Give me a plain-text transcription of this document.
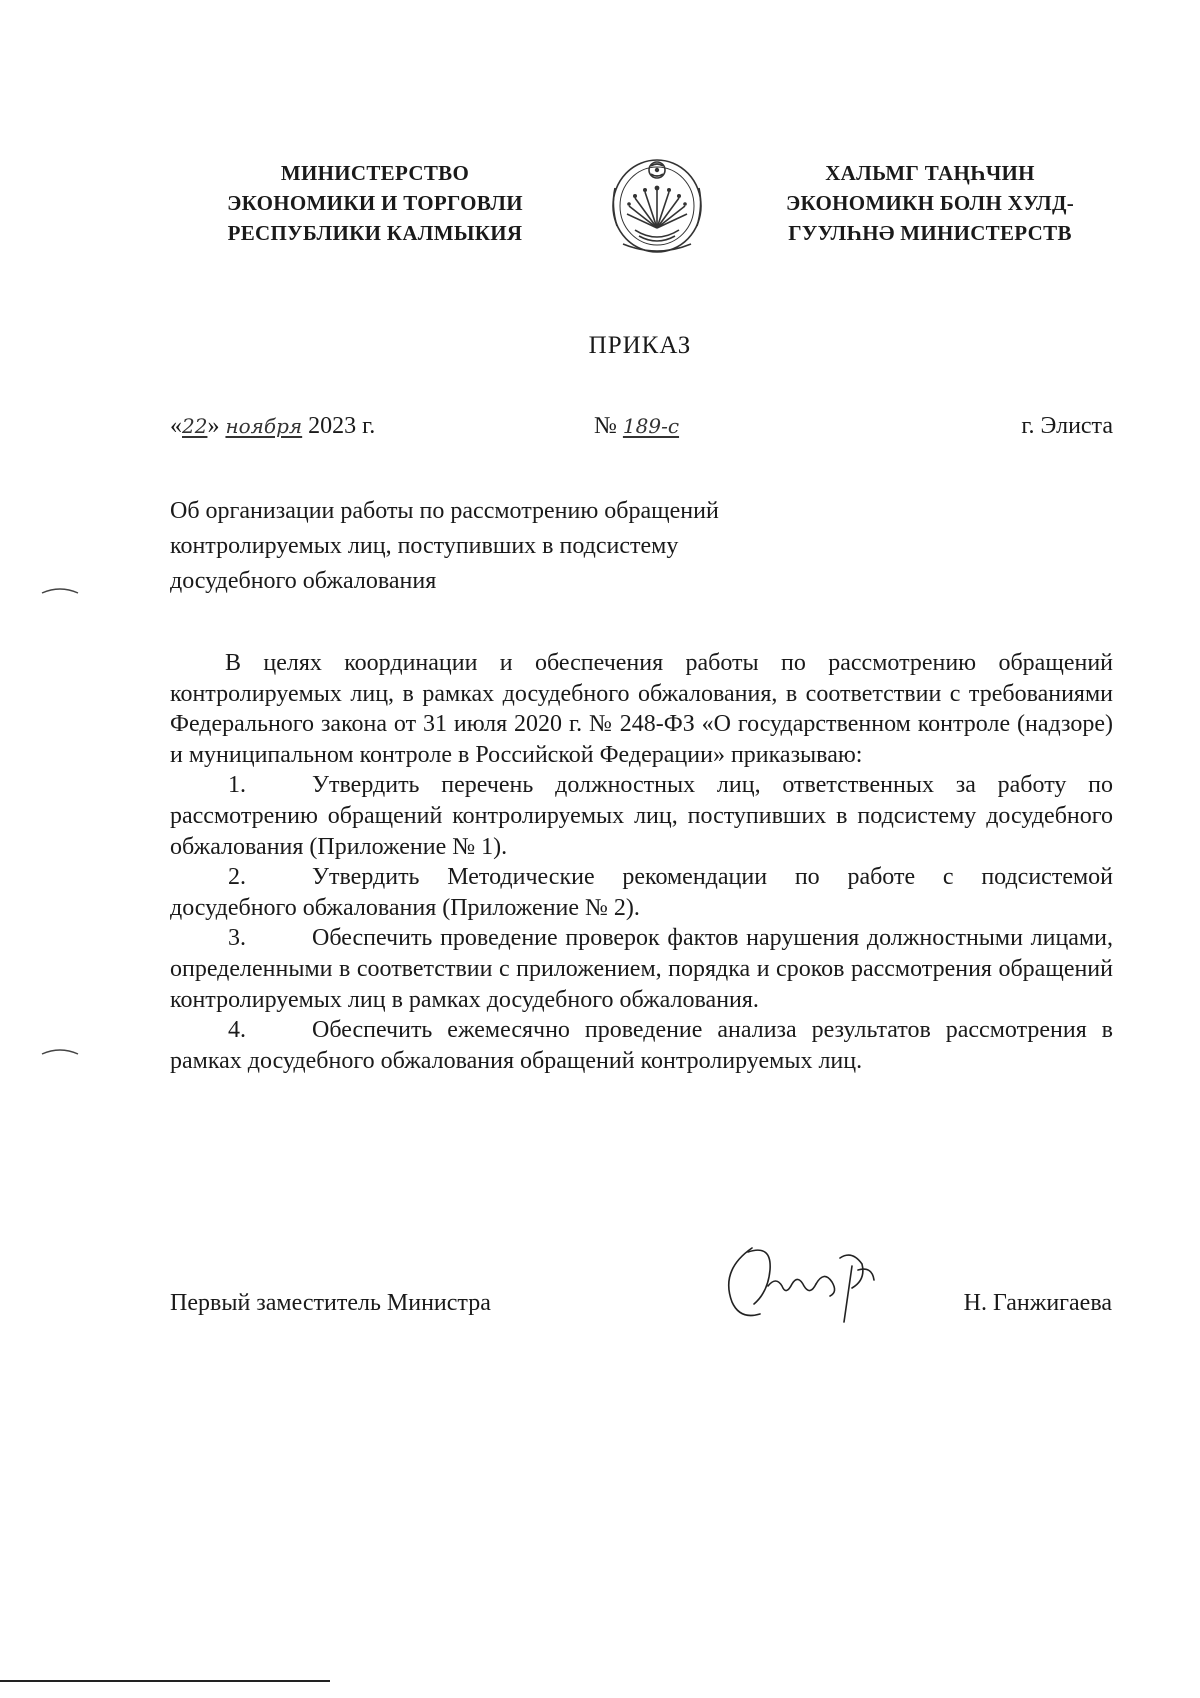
МИНИСТЕРСТВО
ЭКОНОМИКИ И ТОРГОВЛИ
РЕСПУБЛИКИ КАЛМЫКИЯ
ХАЛЬМГ ТАҢҺЧИН
ЭКОНОМИКН БОЛН ХУЛД-
ГУУЛҺНӘ МИНИСТЕРСТВ
ПРИКАЗ
«22» ноября 2023 г.	№ 189-с	г. Элиста
Об организации работы по рассмотрению обращений
контролируемых лиц, поступивших в подсистему
досудебного обжалования

В целях координации и обеспечения работы по рассмотрению обращений контролируемых лиц, в рамках досудебного обжалования, в соответствии с требованиями Федерального закона от 31 июля 2020 г. № 248-ФЗ «О государственном контроле (надзоре) и муниципальном контроле в Российской Федерации» приказываю:

1.	Утвердить перечень должностных лиц, ответственных за работу по рассмотрению обращений контролируемых лиц, поступивших в подсистему досудебного обжалования (Приложение № 1).

2.	Утвердить Методические рекомендации по работе с подсистемой досудебного обжалования (Приложение № 2).

3.	Обеспечить проведение проверок фактов нарушения должностными лицами, определенными в соответствии с приложением, порядка и сроков рассмотрения обращений контролируемых лиц в рамках досудебного обжалования.

4.	Обеспечить ежемесячно проведение анализа результатов рассмотрения в рамках досудебного обжалования обращений контролируемых лиц.

Первый заместитель Министра	Н. Ганжигаева
